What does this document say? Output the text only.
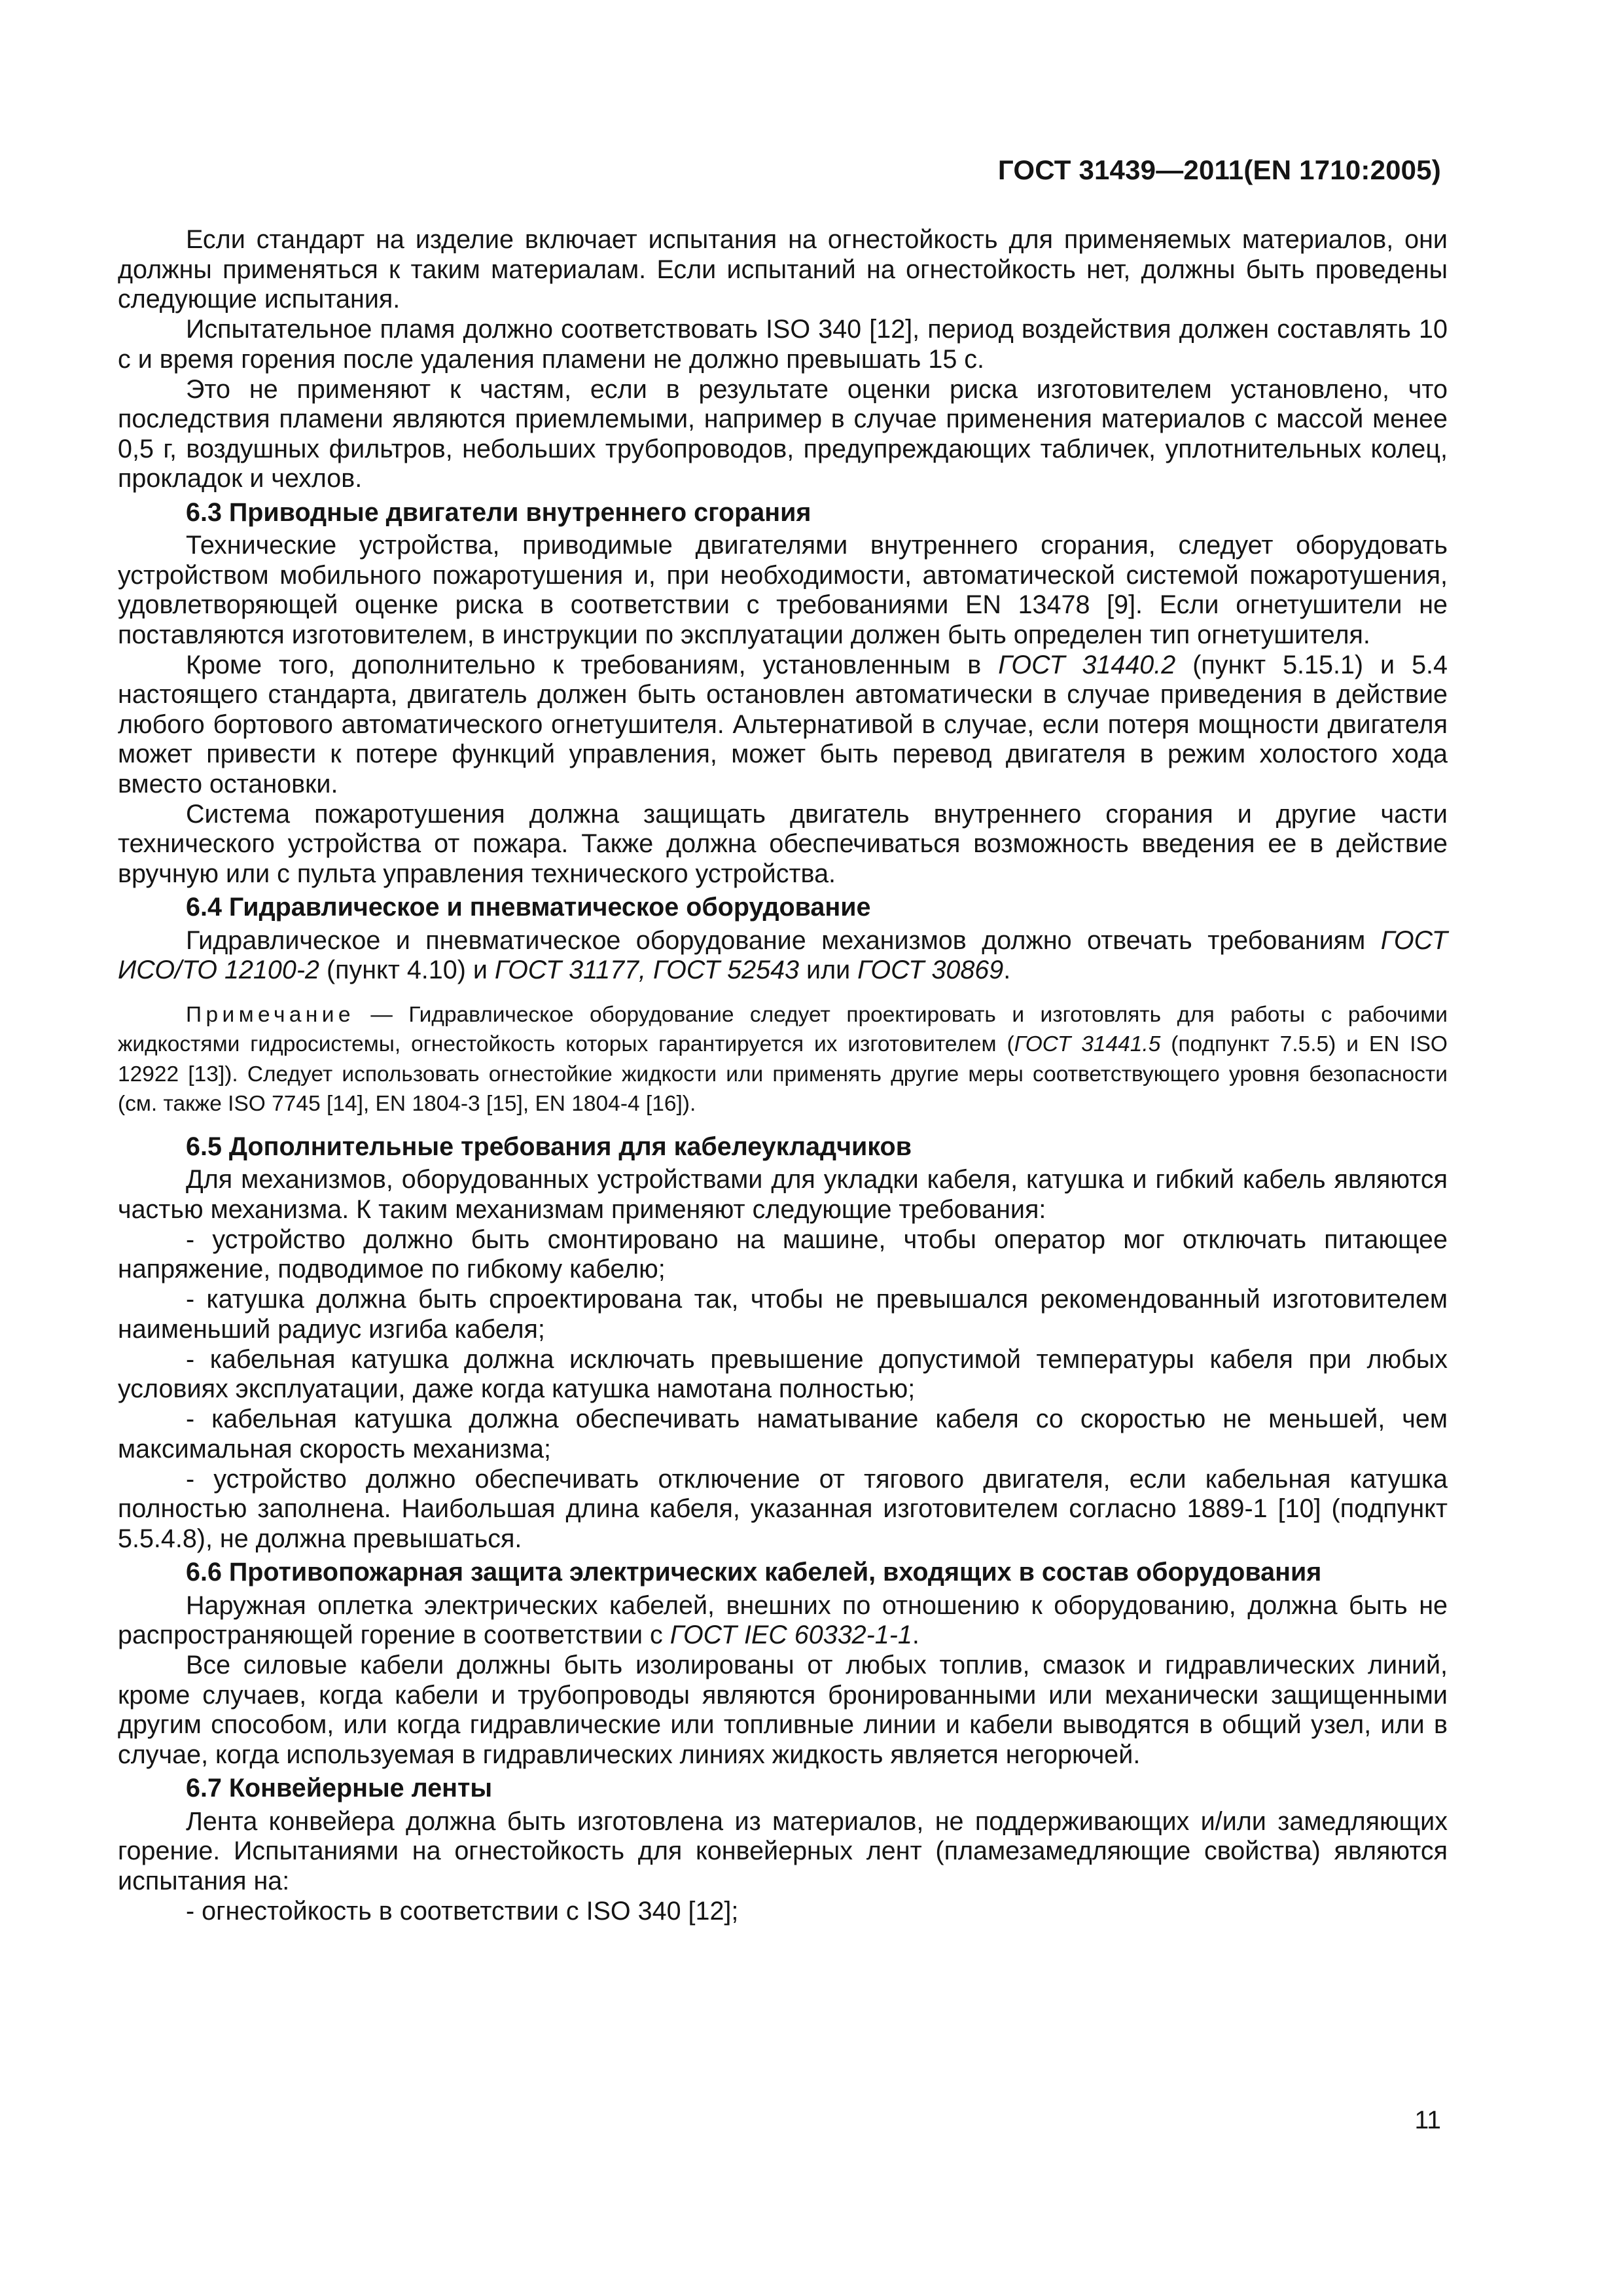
ГОСТ 31439—2011(EN 1710:2005)

Если стандарт на изделие включает испытания на огнестойкость для применяемых материалов, они должны применяться к таким материалам. Если испытаний на огнестойкость нет, должны быть проведены следующие испытания.

Испытательное пламя должно соответствовать ISO 340 [12], период воздействия должен составлять 10 с и время горения после удаления пламени не должно превышать 15 с.

Это не применяют к частям, если в результате оценки риска изготовителем установлено, что последствия пламени являются приемлемыми, например в случае применения материалов с массой менее 0,5 г, воздушных фильтров, небольших трубопроводов, предупреждающих табличек, уплотнительных колец, прокладок и чехлов.

6.3 Приводные двигатели внутреннего сгорания

Технические устройства, приводимые двигателями внутреннего сгорания, следует оборудовать устройством мобильного пожаротушения и, при необходимости, автоматической системой пожаротушения, удовлетворяющей оценке риска в соответствии с требованиями EN 13478 [9]. Если огнетушители не поставляются изготовителем, в инструкции по эксплуатации должен быть определен тип огнетушителя.

Кроме того, дополнительно к требованиям, установленным в ГОСТ 31440.2 (пункт 5.15.1) и 5.4 настоящего стандарта, двигатель должен быть остановлен автоматически в случае приведения в действие любого бортового автоматического огнетушителя. Альтернативой в случае, если потеря мощности двигателя может привести к потере функций управления, может быть перевод двигателя в режим холостого хода вместо остановки.

Система пожаротушения должна защищать двигатель внутреннего сгорания и другие части технического устройства от пожара. Также должна обеспечиваться возможность введения ее в действие вручную или с пульта управления технического устройства.

6.4 Гидравлическое и пневматическое оборудование

Гидравлическое и пневматическое оборудование механизмов должно отвечать требованиям ГОСТ ИСО/ТО 12100-2 (пункт 4.10) и ГОСТ 31177, ГОСТ 52543 или ГОСТ 30869.

Примечание — Гидравлическое оборудование следует проектировать и изготовлять для работы с рабочими жидкостями гидросистемы, огнестойкость которых гарантируется их изготовителем (ГОСТ 31441.5 (подпункт 7.5.5) и EN ISO 12922 [13]). Следует использовать огнестойкие жидкости или применять другие меры соответствующего уровня безопасности (см. также ISO 7745 [14], EN 1804-3 [15], EN 1804-4 [16]).

6.5 Дополнительные требования для кабелеукладчиков

Для механизмов, оборудованных устройствами для укладки кабеля, катушка и гибкий кабель являются частью механизма. К таким механизмам применяют следующие требования:

- устройство должно быть смонтировано на машине, чтобы оператор мог отключать питающее напряжение, подводимое по гибкому кабелю;

- катушка должна быть спроектирована так, чтобы не превышался рекомендованный изготовителем наименьший радиус изгиба кабеля;

- кабельная катушка должна исключать превышение допустимой температуры кабеля при любых условиях эксплуатации, даже когда катушка намотана полностью;

- кабельная катушка должна обеспечивать наматывание кабеля со скоростью не меньшей, чем максимальная скорость механизма;

- устройство должно обеспечивать отключение от тягового двигателя, если кабельная катушка полностью заполнена. Наибольшая длина кабеля, указанная изготовителем согласно 1889-1 [10] (подпункт 5.5.4.8), не должна превышаться.

6.6 Противопожарная защита электрических кабелей, входящих в состав оборудования

Наружная оплетка электрических кабелей, внешних по отношению к оборудованию, должна быть не распространяющей горение в соответствии с ГОСТ IEC 60332-1-1.

Все силовые кабели должны быть изолированы от любых топлив, смазок и гидравлических линий, кроме случаев, когда кабели и трубопроводы являются бронированными или механически защищенными другим способом, или когда гидравлические или топливные линии и кабели выводятся в общий узел, или в случае, когда используемая в гидравлических линиях жидкость является негорючей.

6.7 Конвейерные ленты

Лента конвейера должна быть изготовлена из материалов, не поддерживающих и/или замедляющих горение. Испытаниями на огнестойкость для конвейерных лент (пламезамедляющие свойства) являются испытания на:

- огнестойкость в соответствии с ISO 340 [12];

11
